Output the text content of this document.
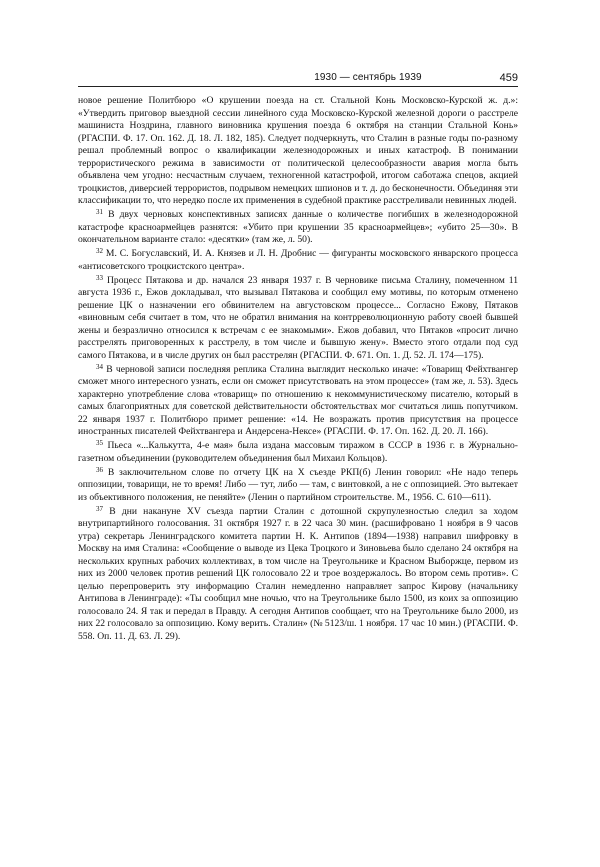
1930 — сентябрь 1939	459

новое решение Политбюро «О крушении поезда на ст. Стальной Конь Московско-Курской ж. д.»: «Утвердить приговор выездной сессии линейного суда Московско-Курской железной дороги о расстреле машиниста Ноздрина, главного виновника крушения поезда 6 октября на станции Стальной Конь» (РГАСПИ. Ф. 17. Оп. 162. Д. 18. Л. 182, 185). Следует подчеркнуть, что Сталин в разные годы по-разному решал проблемный вопрос о квалификации железнодорожных и иных катастроф. В понимании террористического режима в зависимости от политической целесообразности авария могла быть объявлена чем угодно: несчастным случаем, техногенной катастрофой, итогом саботажа спецов, акцией троцкистов, диверсией террористов, подрывом немецких шпионов и т. д. до бесконечности. Объединяя эти классификации то, что нередко после их применения в судебной практике расстреливали невинных людей.

$^{31}$ В двух черновых конспективных записях данные о количестве погибших в железнодорожной катастрофе красноармейцев разнятся: «Убито при крушении 35 красноармейцев»; «убито 25—30». В окончательном варианте стало: «десятки» (там же, л. 50).

$^{32}$ М. С. Богуславский, И. А. Князев и Л. Н. Дробнис — фигуранты московского январского процесса «антисоветского троцкистского центра».

$^{33}$ Процесс Пятакова и др. начался 23 января 1937 г. В черновике письма Сталину, помеченном 11 августа 1936 г., Ежов докладывал, что вызывал Пятакова и сообщил ему мотивы, по которым отменено решение ЦК о назначении его обвинителем на августовском процессе... Согласно Ежову, Пятаков «виновным себя считает в том, что не обратил внимания на контрреволюционную работу своей бывшей жены и безразлично относился к встречам с ее знакомыми». Ежов добавил, что Пятаков «просит лично расстрелять приговоренных к расстрелу, в том числе и бывшую жену». Вместо этого отдали под суд самого Пятакова, и в числе других он был расстрелян (РГАСПИ. Ф. 671. Оп. 1. Д. 52. Л. 174—175).

$^{34}$ В черновой записи последняя реплика Сталина выглядит несколько иначе: «Товарищ Фейхтвангер сможет много интересного узнать, если он сможет присутствовать на этом процессе» (там же, л. 53). Здесь характерно употребление слова «товарищ» по отношению к некоммунистическому писателю, который в самых благоприятных для советской действительности обстоятельствах мог считаться лишь попутчиком. 22 января 1937 г. Политбюро примет решение: «14. Не возражать против присутствия на процессе иностранных писателей Фейхтвангера и Андерсена-Нексе» (РГАСПИ. Ф. 17. Оп. 162. Д. 20. Л. 166).

$^{35}$ Пьеса «...Калькутта, 4-е мая» была издана массовым тиражом в СССР в 1936 г. в Журнально-газетном объединении (руководителем объединения был Михаил Кольцов).

$^{36}$ В заключительном слове по отчету ЦК на X съезде РКП(б) Ленин говорил: «Не надо теперь оппозиции, товарищи, не то время! Либо — тут, либо — там, с винтовкой, а не с оппозицией. Это вытекает из объективного положения, не пеняйте» (Ленин о партийном строительстве. М., 1956. С. 610—611).

$^{37}$ В дни накануне XV съезда партии Сталин с дотошной скрупулезностью следил за ходом внутрипартийного голосования. 31 октября 1927 г. в 22 часа 30 мин. (расшифровано 1 ноября в 9 часов утра) секретарь Ленинградского комитета партии Н. К. Антипов (1894—1938) направил шифровку в Москву на имя Сталина: «Сообщение о выводе из Цека Троцкого и Зиновьева было сделано 24 октября на нескольких крупных рабочих коллективах, в том числе на Треугольнике и Красном Выборжце, первом из них из 2000 человек против решений ЦК голосовало 22 и трое воздержалось. Во втором семь против». С целью перепроверить эту информацию Сталин немедленно направляет запрос Кирову (начальнику Антипова в Ленинграде): «Ты сообщил мне ночью, что на Треугольнике было 1500, из коих за оппозицию голосовало 24. Я так и передал в Правду. А сегодня Антипов сообщает, что на Треугольнике было 2000, из них 22 голосовало за оппозицию. Кому верить. Сталин» (№ 5123/ш. 1 ноября. 17 час 10 мин.) (РГАСПИ. Ф. 558. Оп. 11. Д. 63. Л. 29).
